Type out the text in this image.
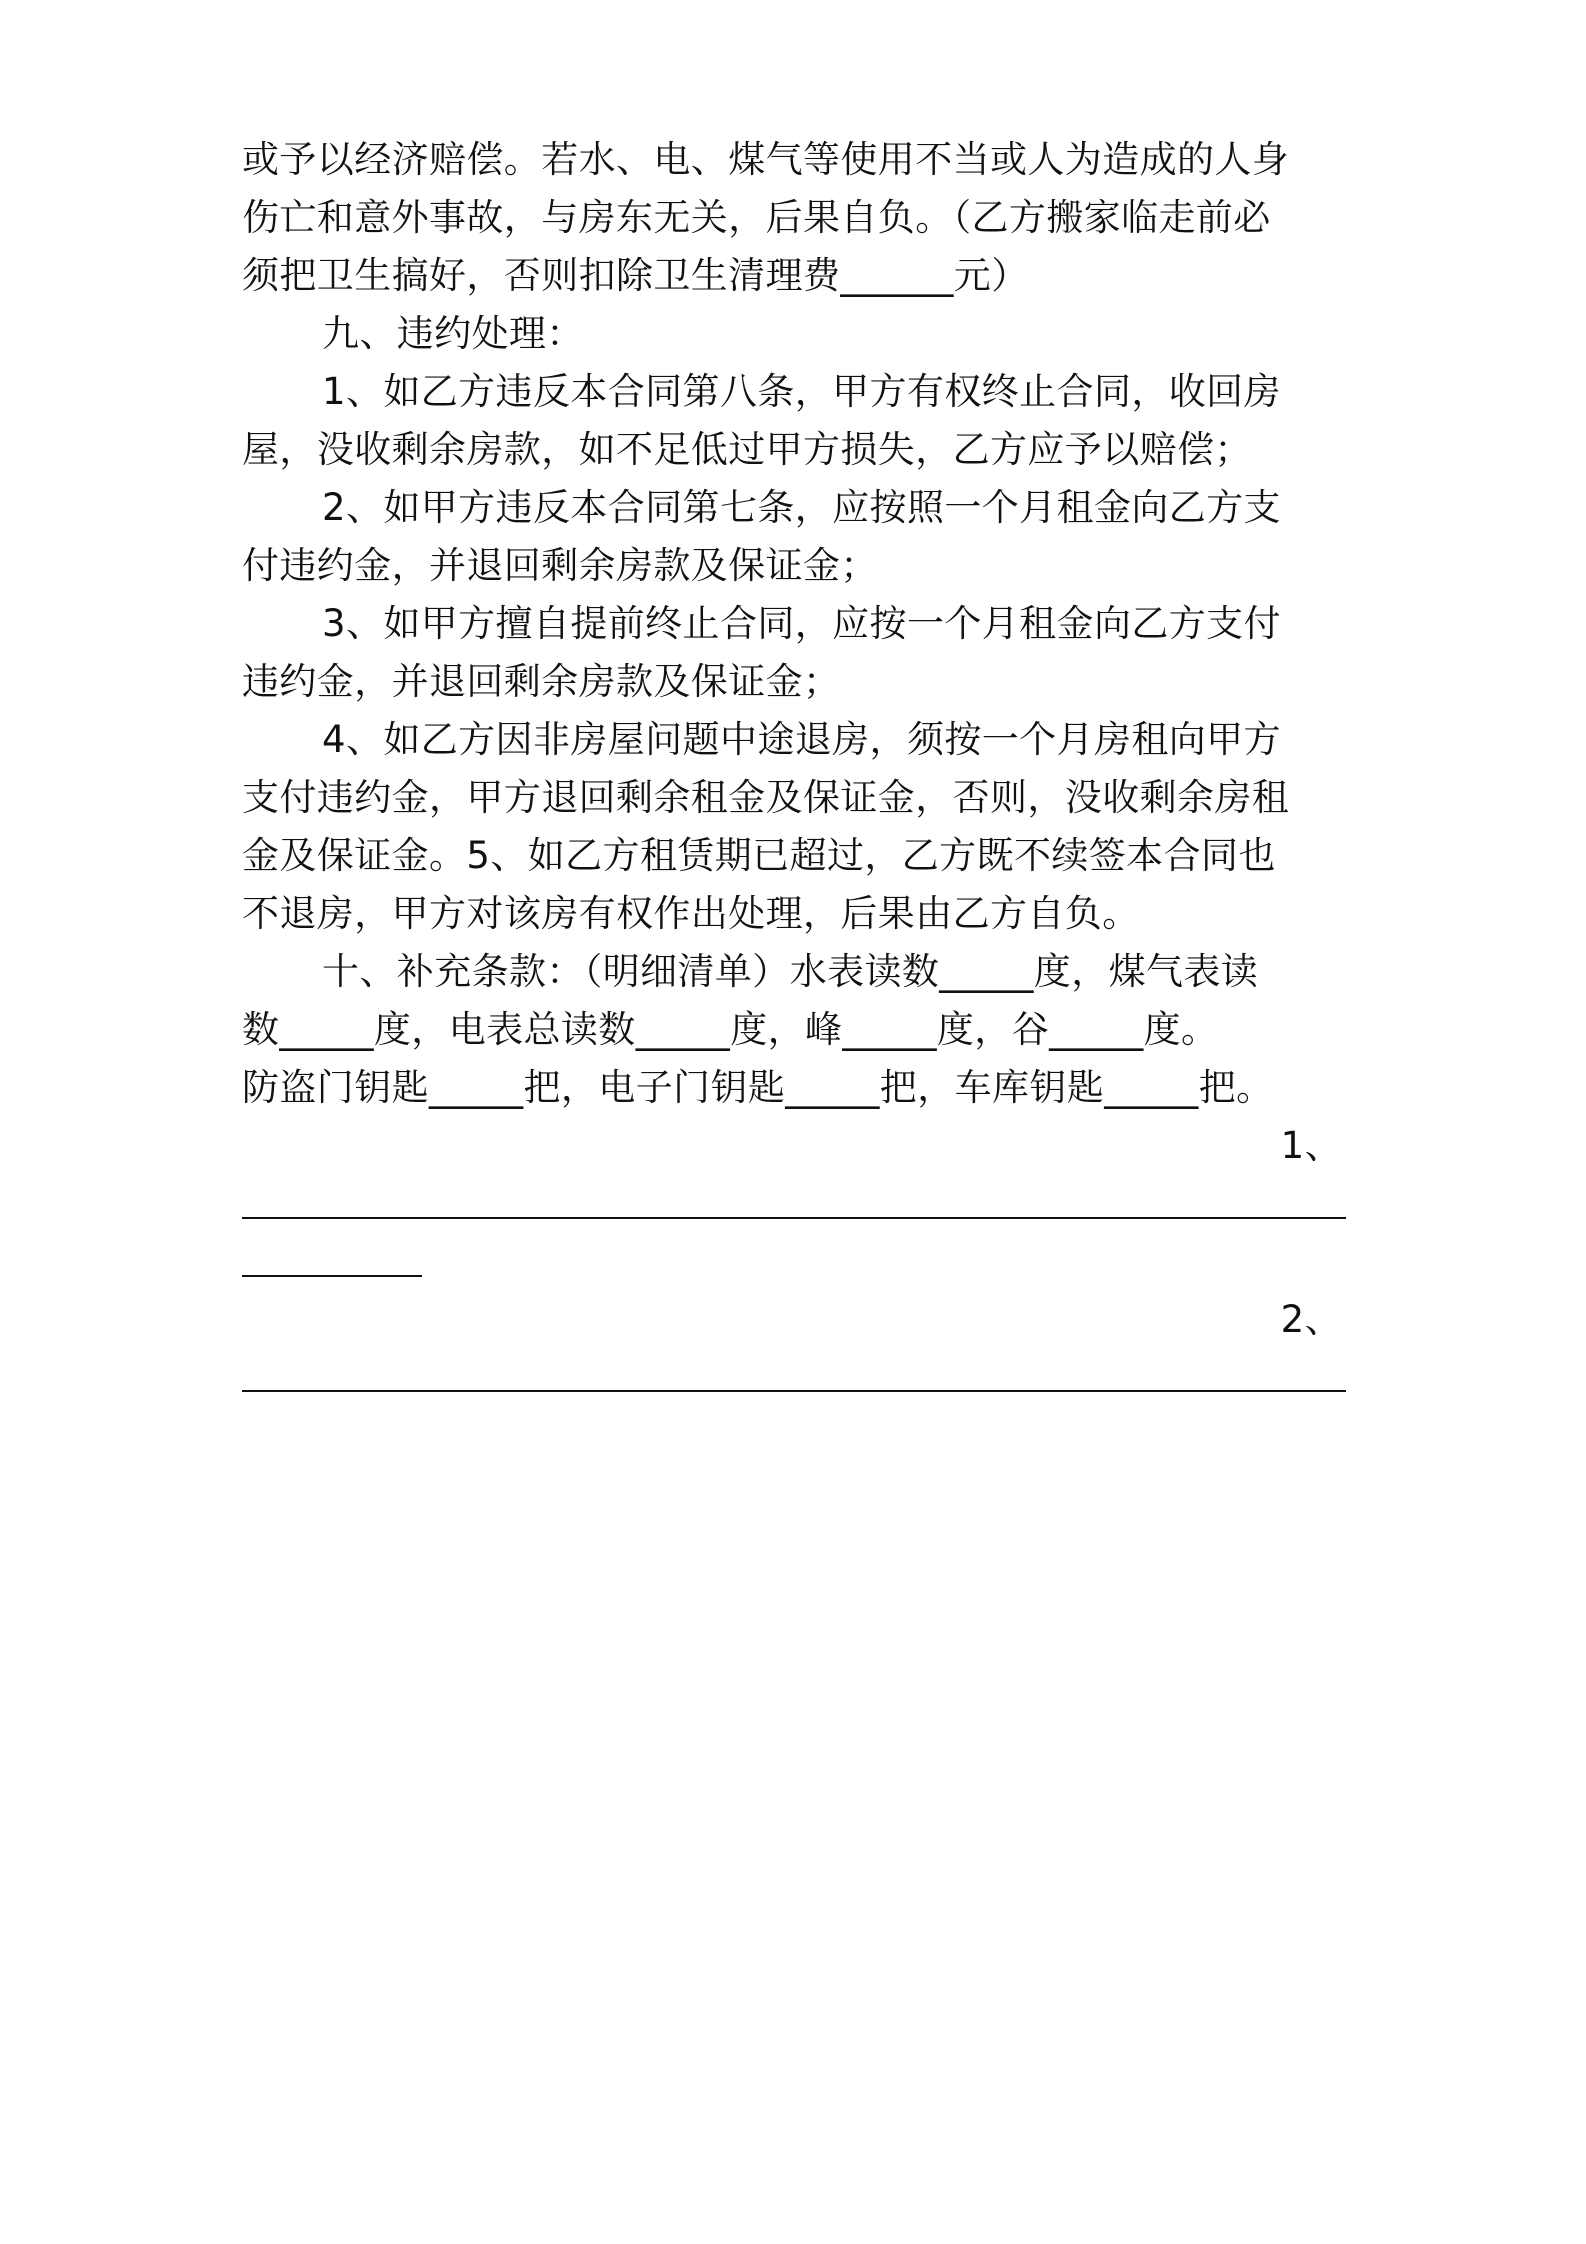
或予以经济赔偿。若水、电、煤气等使用不当或人为造成的人身

伤亡和意外事故，与房东无关，后果自负。（乙方搬家临走前必

须把卫生搞好，否则扣除卫生清理费______元）

九、违约处理：

1、如乙方违反本合同第八条，甲方有权终止合同，收回房

屋，没收剩余房款，如不足低过甲方损失，乙方应予以赔偿；

2、如甲方违反本合同第七条，应按照一个月租金向乙方支

付违约金，并退回剩余房款及保证金；

3、如甲方擅自提前终止合同，应按一个月租金向乙方支付

违约金，并退回剩余房款及保证金；

4、如乙方因非房屋问题中途退房，须按一个月房租向甲方

支付违约金，甲方退回剩余租金及保证金，否则，没收剩余房租

金及保证金。5、如乙方租赁期已超过，乙方既不续签本合同也

不退房，甲方对该房有权作出处理，后果由乙方自负。

十、补充条款：（明细清单）水表读数_____度，煤气表读

数_____度，电表总读数_____度，峰_____度，谷_____度。

防盗门钥匙_____把，电子门钥匙_____把，车库钥匙_____把。

1、

2、
